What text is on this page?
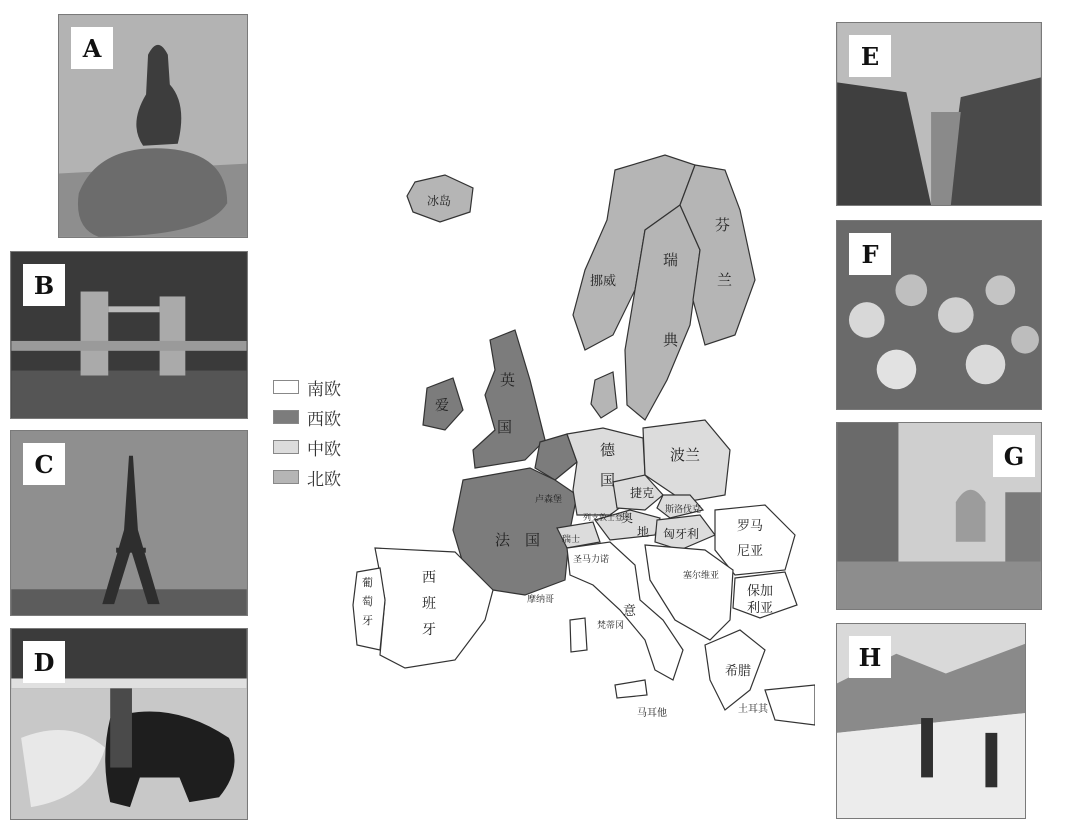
A
B
C
D
E
F
G
H
南欧
西欧
中欧
北欧
冰岛
挪威
瑞
典
芬
兰
英
国
爱
德
国
波兰
法 国
卢森堡
列支敦士登
捷克
奥
地
斯洛伐克
匈牙利
瑞士
罗马
尼亚
保加
利亚
塞尔维亚
西
班
牙
葡
萄
牙
圣马力诺
摩纳哥
梵蒂冈
意
希腊
马耳他	土耳其
